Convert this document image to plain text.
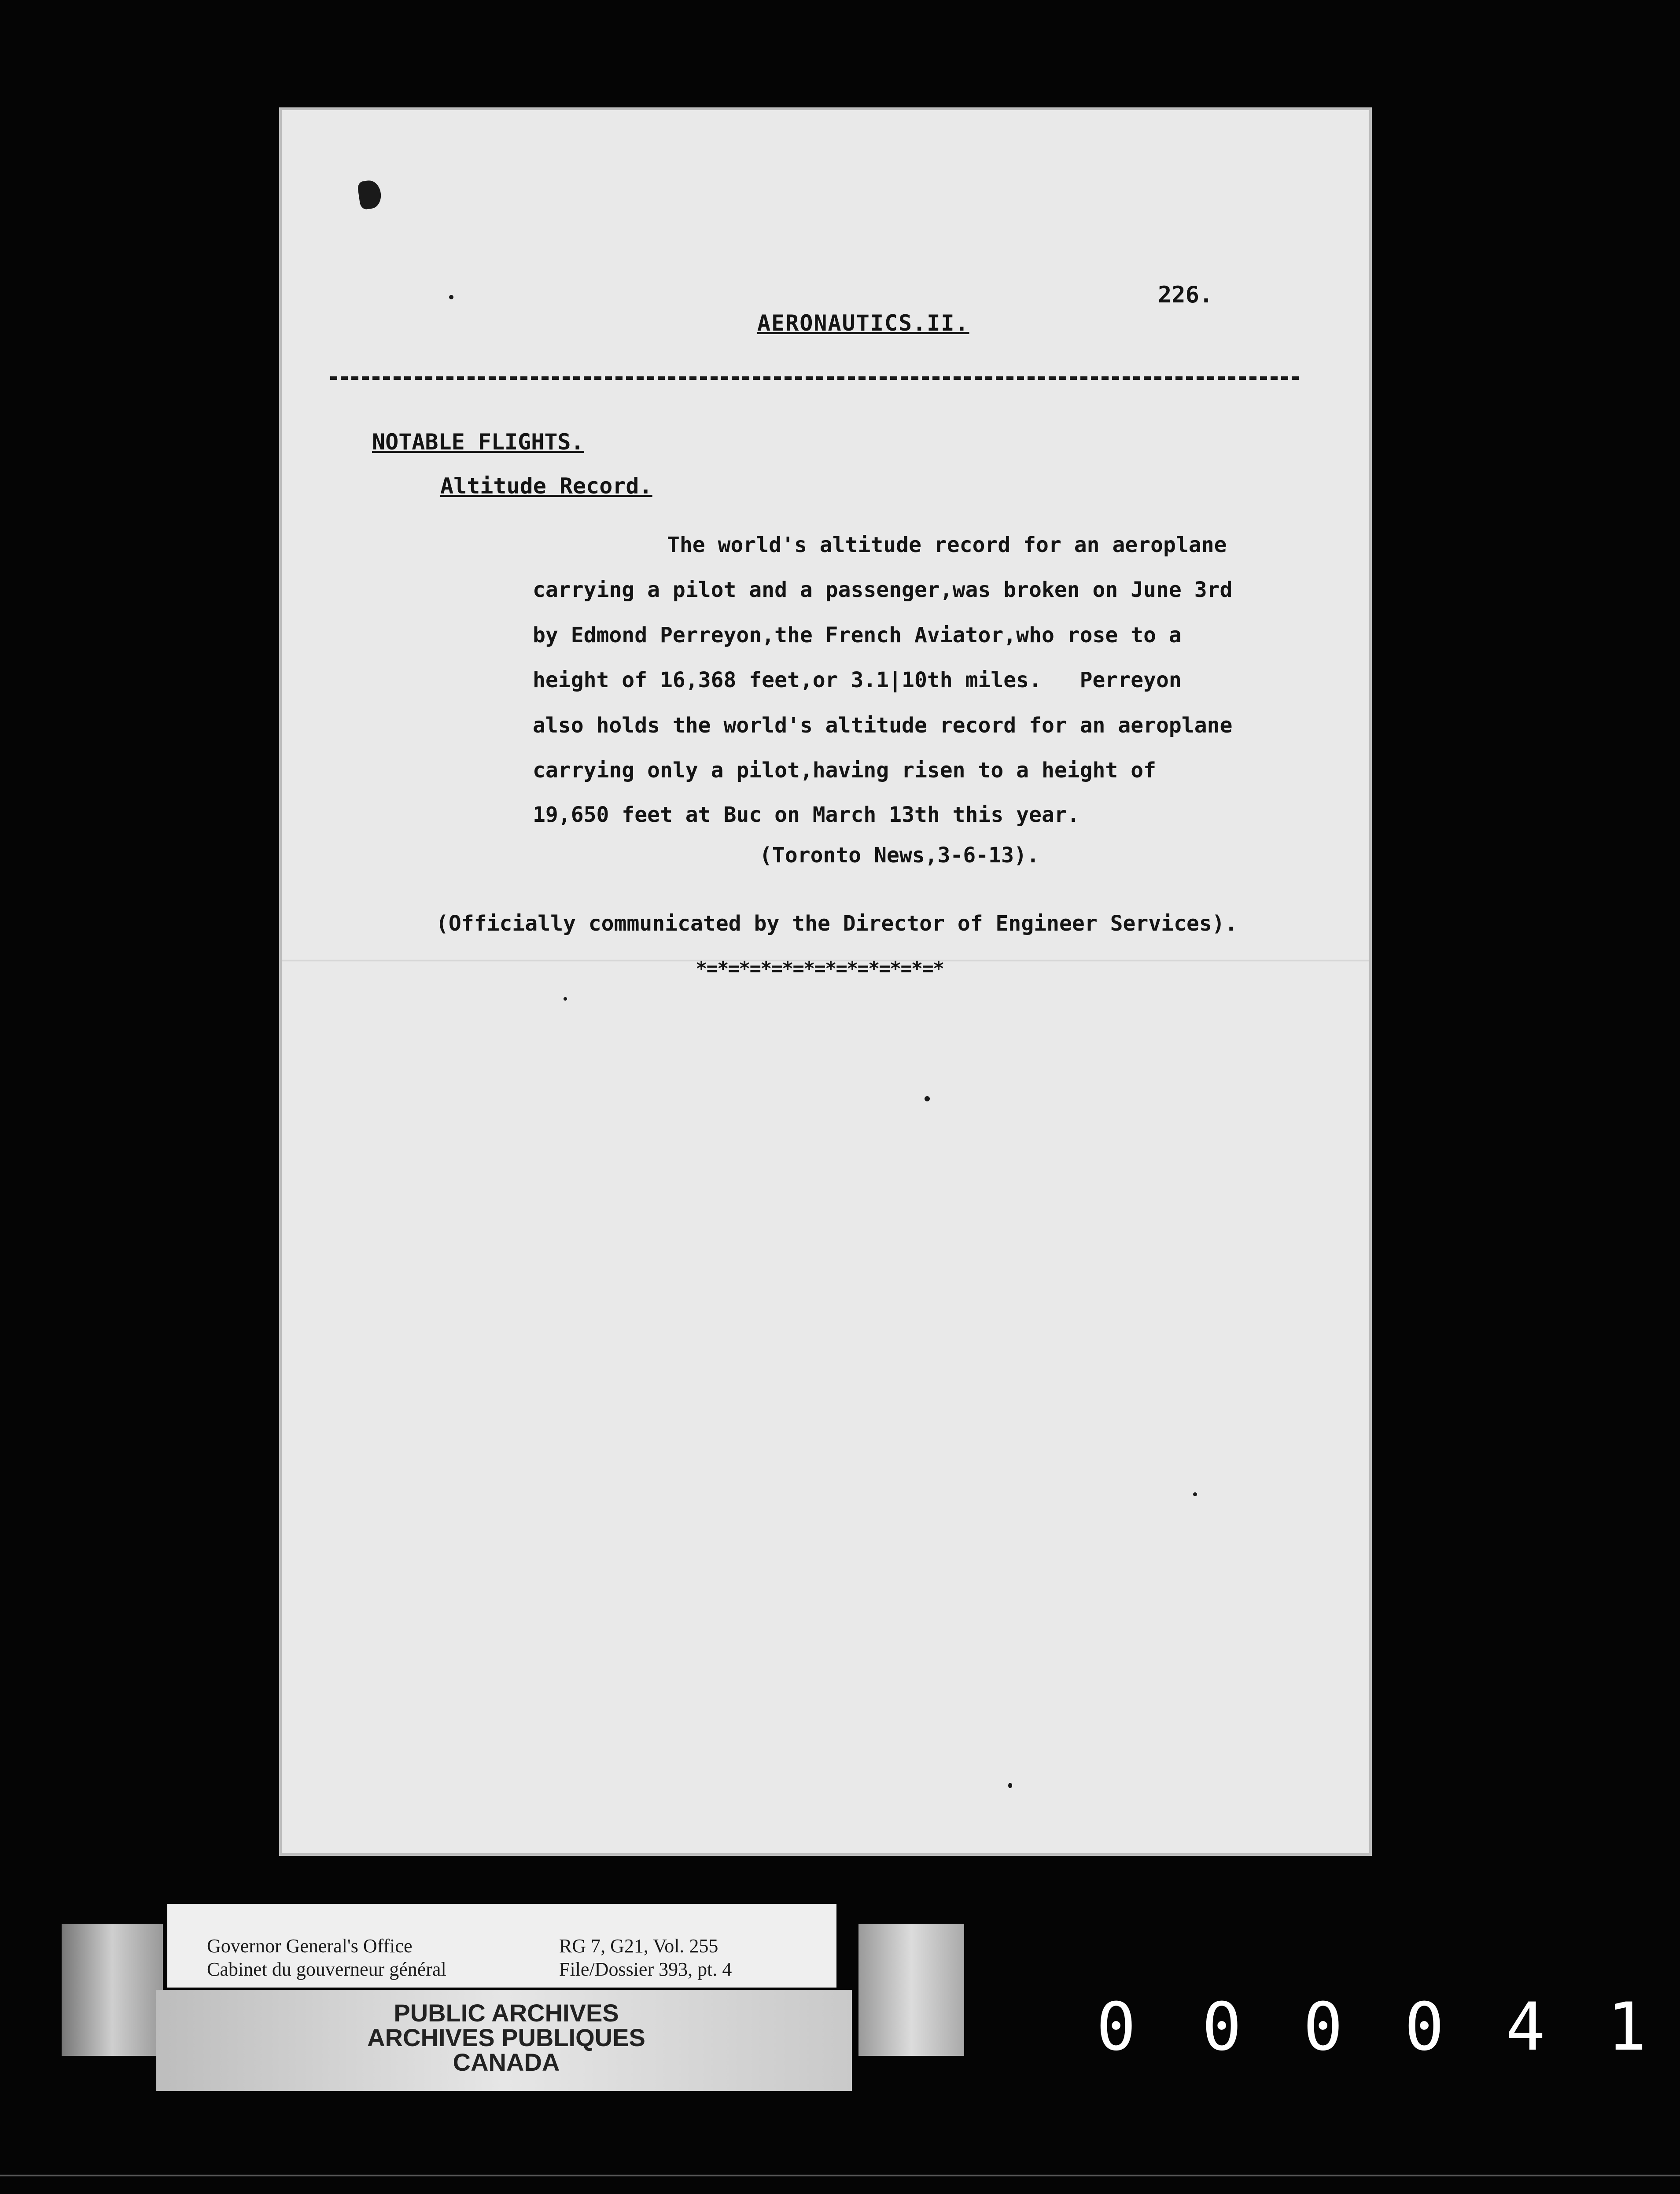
226.
AERONAUTICS.II.
NOTABLE FLIGHTS.
Altitude Record.
The world's altitude record for an aeroplane
carrying a pilot and a passenger,was broken on June 3rd
by Edmond Perreyon,the French Aviator,who rose to a
height of 16,368 feet,or 3.1|10th miles.   Perreyon
also holds the world's altitude record for an aeroplane
carrying only a pilot,having risen to a height of
19,650 feet at Buc on March 13th this year.
(Toronto News,3-6-13).
(Officially communicated by the Director of Engineer Services).
*=*=*=*=*=*=*=*=*=*=*=*
Governor General's Office
Cabinet du gouverneur général
RG 7, G21, Vol. 255
File/Dossier 393, pt. 4
PUBLIC ARCHIVES
ARCHIVES PUBLIQUES
CANADA	0 0 0 0 4 1
